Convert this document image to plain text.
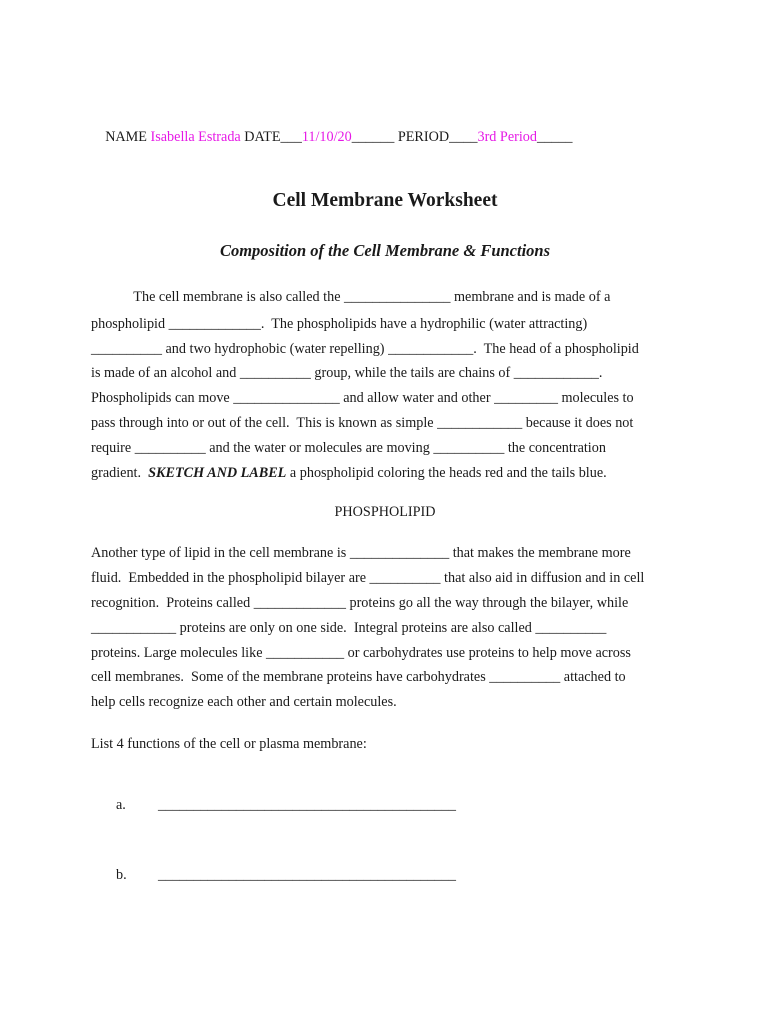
NAME Isabella Estrada DATE___11/10/20______ PERIOD____3rd Period_____

Cell Membrane Worksheet
Composition of the Cell Membrane & Functions
The cell membrane is also called the _______________ membrane and is made of a
phospholipid _____________.  The phospholipids have a hydrophilic (water attracting)
__________ and two hydrophobic (water repelling) ____________.  The head of a phospholipid
is made of an alcohol and __________ group, while the tails are chains of ____________.
Phospholipids can move _______________ and allow water and other _________ molecules to
pass through into or out of the cell.  This is known as simple ____________ because it does not
require __________ and the water or molecules are moving __________ the concentration
gradient.  SKETCH AND LABEL a phospholipid coloring the heads red and the tails blue.
PHOSPHOLIPID
Another type of lipid in the cell membrane is ______________ that makes the membrane more
fluid.  Embedded in the phospholipid bilayer are __________ that also aid in diffusion and in cell
recognition.  Proteins called _____________ proteins go all the way through the bilayer, while
____________ proteins are only on one side.  Integral proteins are also called __________
proteins. Large molecules like ___________ or carbohydrates use proteins to help move across
cell membranes.  Some of the membrane proteins have carbohydrates __________ attached to
help cells recognize each other and certain molecules.
List 4 functions of the cell or plasma membrane:
a. __________________________________________
b. __________________________________________
